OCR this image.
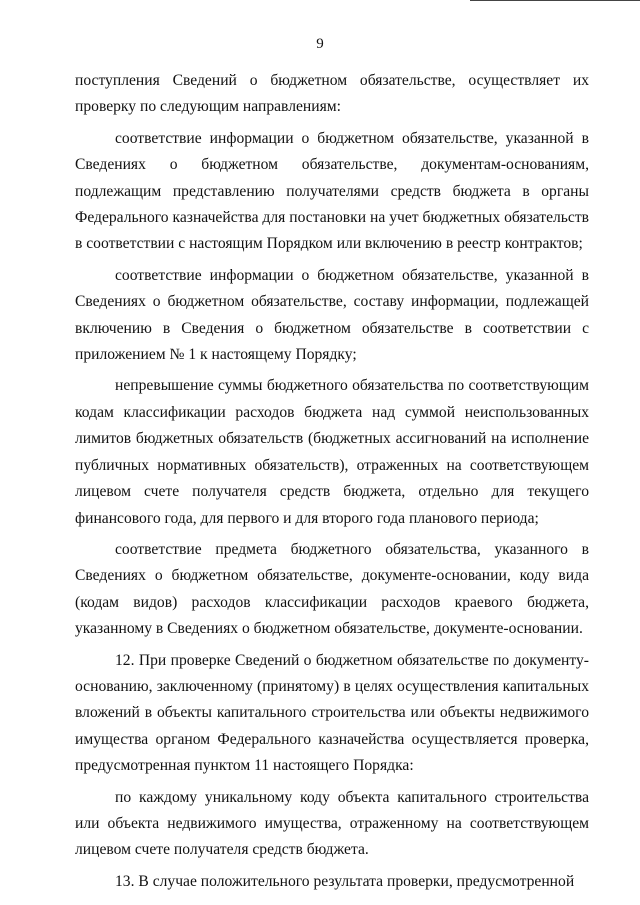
9

поступления Сведений о бюджетном обязательстве, осуществляет их проверку по следующим направлениям:

соответствие информации о бюджетном обязательстве, указанной в Сведениях о бюджетном обязательстве, документам-основаниям, подлежащим представлению получателями средств бюджета в органы Федерального казначейства для постановки на учет бюджетных обязательств в соответствии с настоящим Порядком или включению в реестр контрактов;

соответствие информации о бюджетном обязательстве, указанной в Сведениях о бюджетном обязательстве, составу информации, подлежащей включению в Сведения о бюджетном обязательстве в соответствии с приложением № 1 к настоящему Порядку;

непревышение суммы бюджетного обязательства по соответствующим кодам классификации расходов бюджета над суммой неиспользованных лимитов бюджетных обязательств (бюджетных ассигнований на исполнение публичных нормативных обязательств), отраженных на соответствующем лицевом счете получателя средств бюджета, отдельно для текущего финансового года, для первого и для второго года планового периода;

соответствие предмета бюджетного обязательства, указанного в Сведениях о бюджетном обязательстве, документе-основании, коду вида (кодам видов) расходов классификации расходов краевого бюджета, указанному в Сведениях о бюджетном обязательстве, документе-основании.

12. При проверке Сведений о бюджетном обязательстве по документу-основанию, заключенному (принятому) в целях осуществления капитальных вложений в объекты капитального строительства или объекты недвижимого имущества органом Федерального казначейства осуществляется проверка, предусмотренная пунктом 11 настоящего Порядка:

по каждому уникальному коду объекта капитального строительства или объекта недвижимого имущества, отраженному на соответствующем лицевом счете получателя средств бюджета.

13. В случае положительного результата проверки, предусмотренной
